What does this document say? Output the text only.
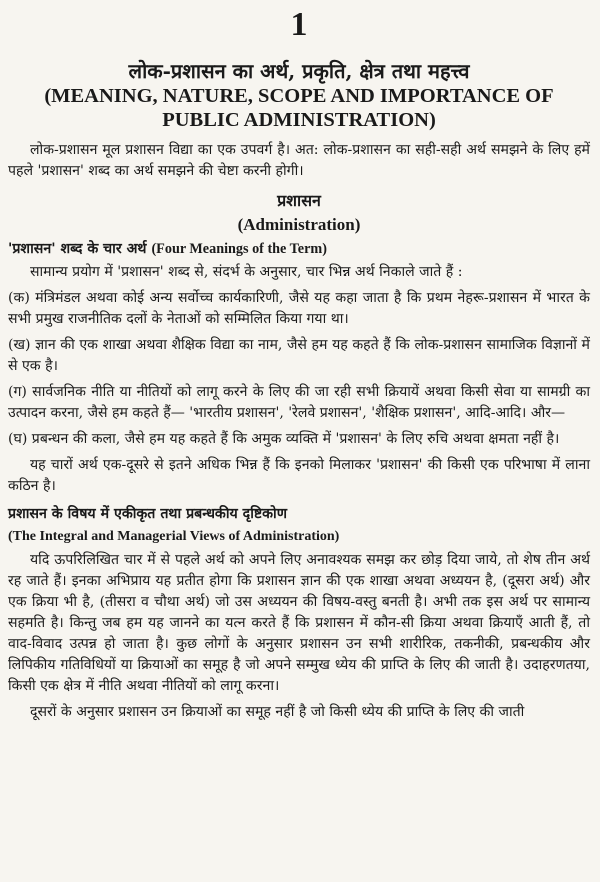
1
लोक-प्रशासन का अर्थ, प्रकृति, क्षेत्र तथा महत्त्व
(MEANING, NATURE, SCOPE AND IMPORTANCE OF PUBLIC ADMINISTRATION)

लोक-प्रशासन मूल प्रशासन विद्या का एक उपवर्ग है। अत: लोक-प्रशासन का सही-सही अर्थ समझने के लिए हमें पहले 'प्रशासन' शब्द का अर्थ समझने की चेष्टा करनी होगी।

प्रशासन
(Administration)
'प्रशासन' शब्द के चार अर्थ (Four Meanings of the Term)

सामान्य प्रयोग में 'प्रशासन' शब्द से, संदर्भ के अनुसार, चार भिन्न अर्थ निकाले जाते हैं :

(क) मंत्रिमंडल अथवा कोई अन्य सर्वोच्च कार्यकारिणी, जैसे यह कहा जाता है कि प्रथम नेहरू-प्रशासन में भारत के सभी प्रमुख राजनीतिक दलों के नेताओं को सम्मिलित किया गया था।

(ख) ज्ञान की एक शाखा अथवा शैक्षिक विद्या का नाम, जैसे हम यह कहते हैं कि लोक-प्रशासन सामाजिक विज्ञानों में से एक है।

(ग) सार्वजनिक नीति या नीतियों को लागू करने के लिए की जा रही सभी क्रियायें अथवा किसी सेवा या सामग्री का उत्पादन करना, जैसे हम कहते हैं— 'भारतीय प्रशासन', 'रेलवे प्रशासन', 'शैक्षिक प्रशासन', आदि-आदि। और—

(घ) प्रबन्धन की कला, जैसे हम यह कहते हैं कि अमुक व्यक्ति में 'प्रशासन' के लिए रुचि अथवा क्षमता नहीं है।

यह चारों अर्थ एक-दूसरे से इतने अधिक भिन्न हैं कि इनको मिलाकर 'प्रशासन' की किसी एक परिभाषा में लाना कठिन है।

प्रशासन के विषय में एकीकृत तथा प्रबन्धकीय दृष्टिकोण
(The Integral and Managerial Views of Administration)

यदि ऊपरिलिखित चार में से पहले अर्थ को अपने लिए अनावश्यक समझ कर छोड़ दिया जाये, तो शेष तीन अर्थ रह जाते हैं। इनका अभिप्राय यह प्रतीत होगा कि प्रशासन ज्ञान की एक शाखा अथवा अध्ययन है, (दूसरा अर्थ) और एक क्रिया भी है, (तीसरा व चौथा अर्थ) जो उस अध्ययन की विषय-वस्तु बनती है। अभी तक इस अर्थ पर सामान्य सहमति है। किन्तु जब हम यह जानने का यत्न करते हैं कि प्रशासन में कौन-सी क्रिया अथवा क्रियाएँ आती हैं, तो वाद-विवाद उत्पन्न हो जाता है। कुछ लोगों के अनुसार प्रशासन उन सभी शारीरिक, तकनीकी, प्रबन्धकीय और लिपिकीय गतिविधियों या क्रियाओं का समूह है जो अपने सम्मुख ध्येय की प्राप्ति के लिए की जाती है। उदाहरणतया, किसी एक क्षेत्र में नीति अथवा नीतियों को लागू करना।

दूसरों के अनुसार प्रशासन उन क्रियाओं का समूह नहीं है जो किसी ध्येय की प्राप्ति के लिए की जाती
